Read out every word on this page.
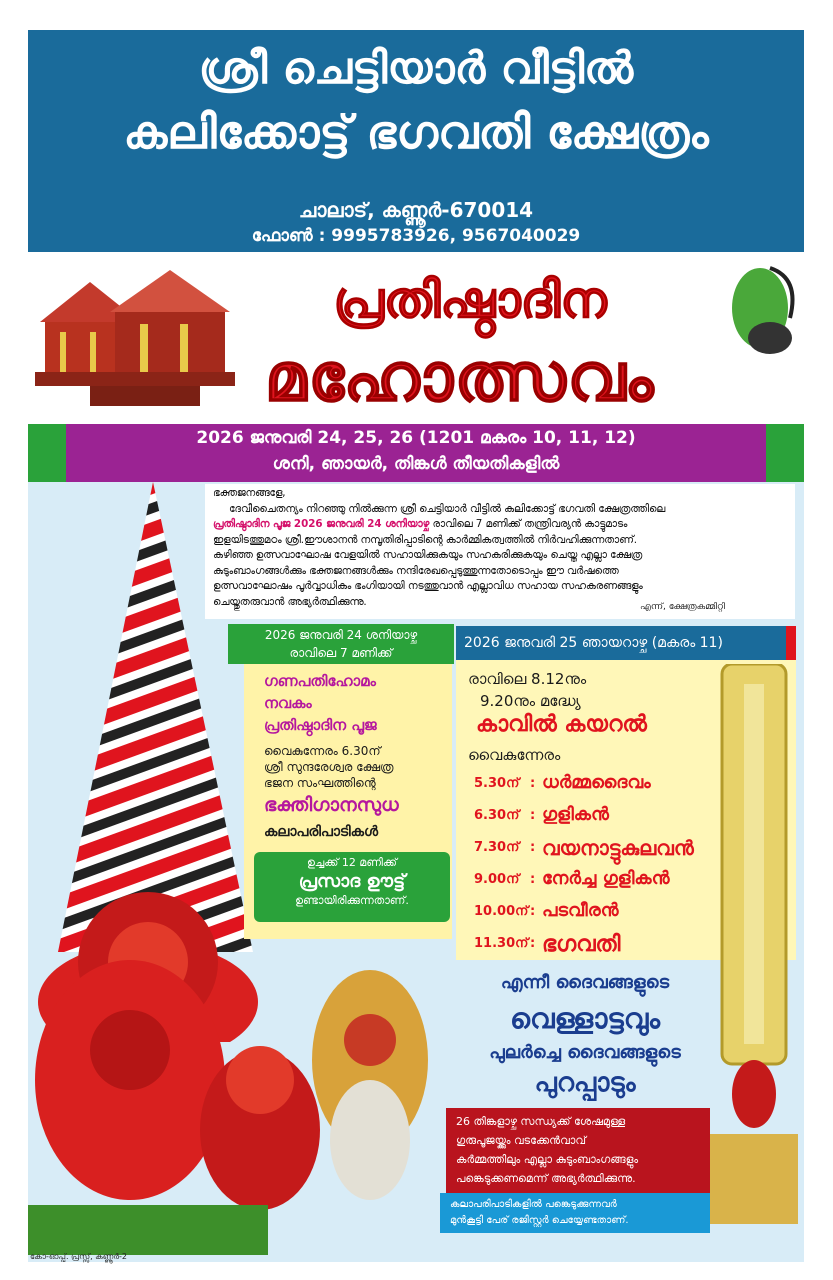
ശ്രീ ചെട്ടിയാർ വീട്ടിൽ
കലിക്കോട്ട് ഭഗവതി ക്ഷേത്രം
ചാലാട്, കണ്ണൂർ-670014
ഫോൺ : 9995783926, 9567040029
പ്രതിഷ്ഠാദിന
മഹോത്സവം
2026 ജനുവരി 24, 25, 26 (1201 മകരം 10, 11, 12)
ശനി, ഞായർ, തിങ്കൾ തീയതികളിൽ
ഭക്തജനങ്ങളേ,
ദേവീചൈതന്യം നിറഞ്ഞു നിൽക്കുന്ന ശ്രീ ചെട്ടിയാർ വീട്ടിൽ കലിക്കോട്ട് ഭഗവതി ക്ഷേത്രത്തിലെ
പ്രതിഷ്ഠാദിന പൂജ 2026 ജനുവരി 24 ശനിയാഴ്ച രാവിലെ 7 മണിക്ക് തന്ത്രിവര്യൻ കാട്ടുമാടം
ഇളയിടത്തുമഠം ശ്രീ.ഈശാനൻ നമ്പൂതിരിപ്പാടിന്റെ കാർമ്മികത്വത്തിൽ നിർവഹിക്കുന്നതാണ്.
കഴിഞ്ഞ ഉത്സവാഘോഷ വേളയിൽ സഹായിക്കുകയും സഹകരിക്കുകയും ചെയ്ത എല്ലാ ക്ഷേത്ര
കുടുംബാംഗങ്ങൾക്കും ഭക്തജനങ്ങൾക്കും നന്ദിരേഖപ്പെടുത്തുന്നതോടൊപ്പം ഈ വർഷത്തെ
ഉത്സവാഘോഷം പൂർവ്വാധികം ഭംഗിയായി നടത്തുവാൻ എല്ലാവിധ സഹായ സഹകരണങ്ങളും
ചെയ്തുതരുവാൻ അഭ്യർത്ഥിക്കുന്നു.	എന്ന്, ക്ഷേത്രകമ്മിറ്റി
2026 ജനുവരി 24 ശനിയാഴ്ച
രാവിലെ 7 മണിക്ക്
ഗണപതിഹോമം
നവകം
പ്രതിഷ്ഠാദിന പൂജ
വൈകുന്നേരം 6.30ന്
ശ്രീ സുന്ദരേശ്വര ക്ഷേത്ര
ഭജന സംഘത്തിന്റെ
ഭക്തിഗാനസുധ
കലാപരിപാടികൾ
ഉച്ചക്ക് 12 മണിക്ക്
പ്രസാദ ഊട്ട്
ഉണ്ടായിരിക്കുന്നതാണ്.
2026 ജനുവരി 25 ഞായറാഴ്ച (മകരം 11)
രാവിലെ 8.12നും
9.20നും മദ്ധ്യേ
കാവിൽ കയറൽ
വൈകുന്നേരം
5.30ന് : ധർമ്മദൈവം
6.30ന് : ഗുളികൻ
7.30ന് : വയനാട്ടുകുലവൻ
9.00ന് : നേർച്ച ഗുളികൻ
10.00ന് : പടവീരൻ
11.30ന് : ഭഗവതി
എന്നീ ദൈവങ്ങളുടെ
വെള്ളാട്ടവും
പുലർച്ചെ ദൈവങ്ങളുടെ
പുറപ്പാടും
26 തിങ്കളാഴ്ച സന്ധ്യക്ക് ശേഷമുള്ള
ഗുരുപൂജയ്ക്കും വടക്കേൻവാവ്
കർമ്മത്തിലും എല്ലാ കുടുംബാംഗങ്ങളും
പങ്കെടുക്കണമെന്ന് അഭ്യർത്ഥിക്കുന്നു.
കലാപരിപാടികളിൽ പങ്കെടുക്കുന്നവർ
മുൻകൂട്ടി പേര് രജിസ്റ്റർ ചെയ്യേണ്ടതാണ്.
കോ-ഓപ്പ്. പ്രസ്സ്, കണ്ണൂർ-2
